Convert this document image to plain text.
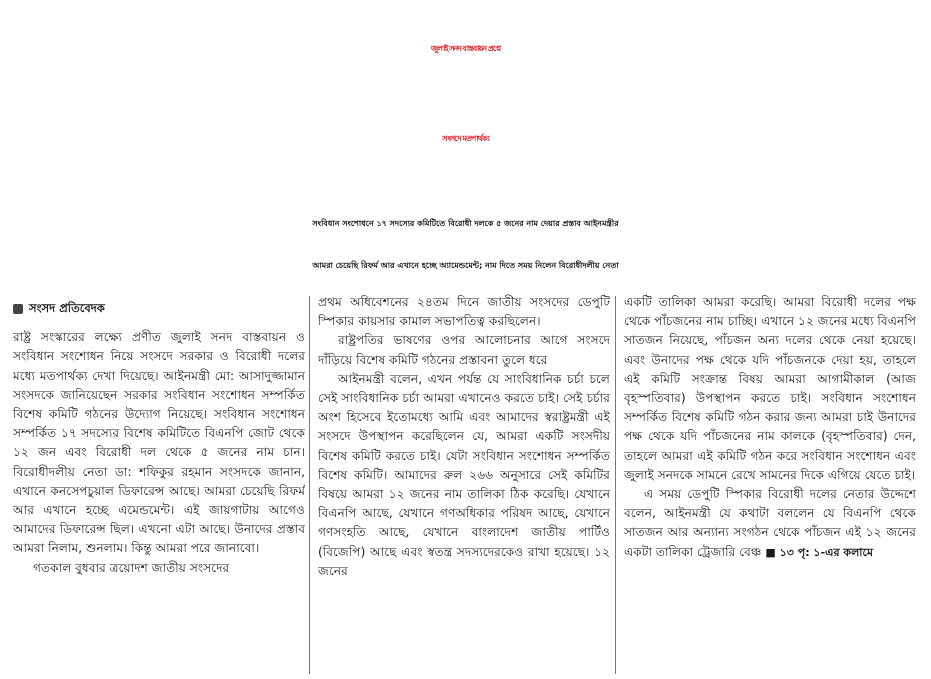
জুলাই সনদ বাস্তবায়ন প্রশ্নে
সংসদে মতপার্থক্য
সংবিধান সংশোধনে ১৭ সদস্যের কমিটিতে বিরোধী দলকে ৫ জনের নাম দেয়ার প্রস্তাব আইনমন্ত্রীর
আমরা চেয়েছি রিফর্ম আর এখানে হচ্ছে অ্যামেন্ডমেন্ট; নাম দিতে সময় নিলেন বিরোধীদলীয় নেতা
সংসদ প্রতিবেদক

রাষ্ট্র সংস্কারের লক্ষ্যে প্রণীত জুলাই সনদ বাস্তবায়ন ও সংবিধান সংশোধন নিয়ে সংসদে সরকার ও বিরোধী দলের মধ্যে মতপার্থক্য দেখা দিয়েছে। আইনমন্ত্রী মো: আসাদুজ্জামান সংসদকে জানিয়েছেন সরকার সংবিধান সংশোধন সম্পর্কিত বিশেষ কমিটি গঠনের উদ্যোগ নিয়েছে। সংবিধান সংশোধন সম্পর্কিত ১৭ সদস্যের বিশেষ কমিটিতে বিএনপি জোট থেকে ১২ জন এবং বিরোধী দল থেকে ৫ জনের নাম চান। বিরোধীদলীয় নেতা ডা: শফিকুর রহমান সংসদকে জানান, এখানে কনসেপচুয়াল ডিফারেন্স আছে। আমরা চেয়েছি রিফর্ম আর এখানে হচ্ছে এমেন্ডমেন্ট। এই জায়গাটায় আগেও আমাদের ডিফারেন্স ছিল। এখনো এটা আছে। উনাদের প্রস্তাব আমরা নিলাম, শুনলাম। কিন্তু আমরা পরে জানাবো।

গতকাল বুধবার ত্রয়োদশ জাতীয় সংসদের

প্রথম অধিবেশনের ২৪তম দিনে জাতীয় সংসদের ডেপুটি স্পিকার কায়সার কামাল সভাপতিত্ব করছিলেন।

রাষ্ট্রপতির ভাষণের ওপর আলোচনার আগে সংসদে দাঁড়িয়ে বিশেষ কমিটি গঠনের প্রস্তাবনা তুলে ধরে

আইনমন্ত্রী বলেন, এখন পর্যন্ত যে সাংবিধানিক চর্চা চলে সেই সাংবিধানিক চর্চা আমরা এখানেও করতে চাই। সেই চর্চার অংশ হিসেবে ইতোমধ্যে আমি এবং আমাদের স্বরাষ্ট্রমন্ত্রী এই সংসদে উপস্থাপন করেছিলেন যে, আমরা একটি সংসদীয় বিশেষ কমিটি করতে চাই। যেটা সংবিধান সংশোধন সম্পর্কিত বিশেষ কমিটি। আমাদের রুল ২৬৬ অনুসারে সেই কমিটির বিষয়ে আমরা ১২ জনের নাম তালিকা ঠিক করেছি। যেখানে বিএনপি আছে, যেখানে গণঅধিকার পরিষদ আছে, যেখানে গণসংহতি আছে, যেখানে বাংলাদেশ জাতীয় পার্টিও (বিজেপি) আছে এবং স্বতন্ত্র সদস্যদেরকেও রাখা হয়েছে। ১২ জনের

একটি তালিকা আমরা করেছি। আমরা বিরোধী দলের পক্ষ থেকে পাঁচজনের নাম চাচ্ছি। এখানে ১২ জনের মধ্যে বিএনপি সাতজন নিয়েছে, পাঁচজন অন্য দলের থেকে নেয়া হয়েছে। এবং উনাদের পক্ষ থেকে যদি পাঁচজনকে দেয়া হয়, তাহলে এই কমিটি সংক্রান্ত বিষয় আমরা আগামীকাল (আজ বৃহস্পতিবার) উপস্থাপন করতে চাই। সংবিধান সংশোধন সম্পর্কিত বিশেষ কমিটি গঠন করার জন্য আমরা চাই উনাদের পক্ষ থেকে যদি পাঁচজনের নাম কালকে (বৃহস্পতিবার) দেন, তাহলে আমরা এই কমিটি গঠন করে সংবিধান সংশোধন এবং জুলাই সনদকে সামনে রেখে সামনের দিকে এগিয়ে যেতে চাই।

এ সময় ডেপুটি স্পিকার বিরোধী দলের নেতার উদ্দেশে বলেন, আইনমন্ত্রী যে কথাটা বললেন যে বিএনপি থেকে সাতজন আর অন্যান্য সংগঠন থেকে পাঁচজন এই ১২ জনের একটা তালিকা ট্রেজারি বেঞ্চ ■ ১৩ পৃ: ১-এর কলামে
